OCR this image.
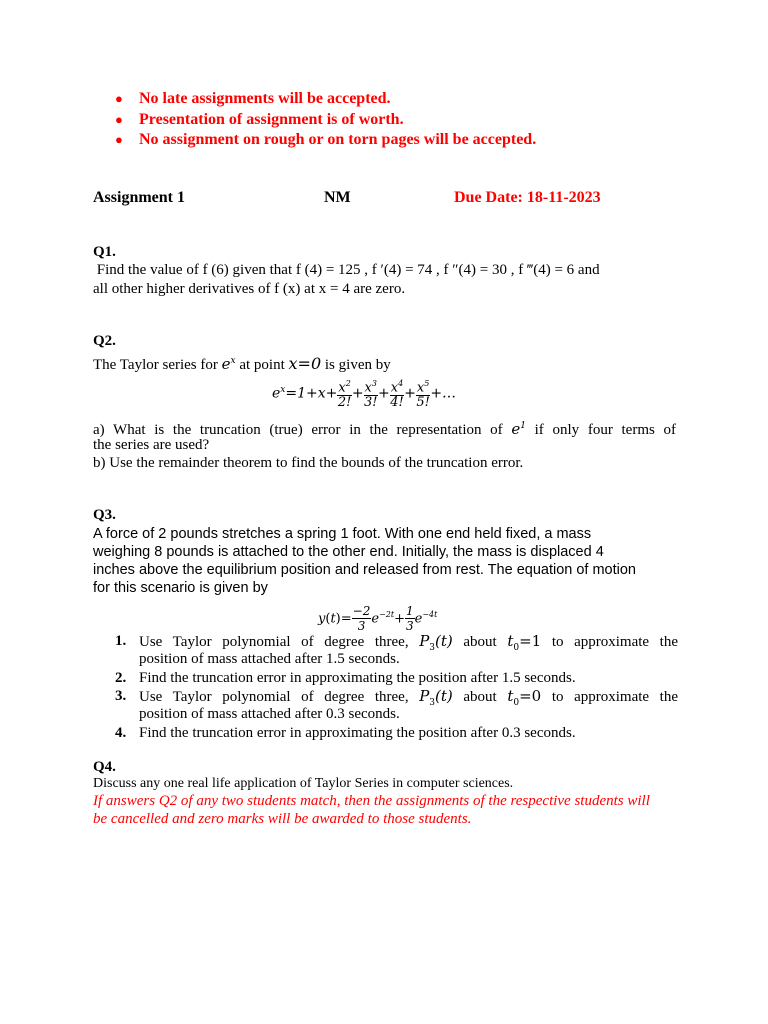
● No late assignments will be accepted.
● Presentation of assignment is of worth.
● No assignment on rough or on torn pages will be accepted.
Assignment 1	NM	Due Date: 18-11-2023
Q1.
Find the value of f (6) given that f (4) = 125 , f ′(4) = 74 , f ″(4) = 30 , f ‴(4) = 6 and
all other higher derivatives of f (x) at x = 4 are zero.
Q2.
The Taylor series for $e^x$ at point x=0 is given by
$e^x=1+x+ \frac{x^2}{2!} + \frac{x^3}{3!} + \frac{x^4}{4!} + \frac{x^5}{5!}$ +…
a) What is the truncation (true) error in the representation of $e^1$ if only four terms of
the series are used?
b) Use the remainder theorem to find the bounds of the truncation error.
Q3.
A force of 2 pounds stretches a spring 1 foot. With one end held fixed, a mass
weighing 8 pounds is attached to the other end. Initially, the mass is displaced 4
inches above the equilibrium position and released from rest. The equation of motion
for this scenario is given by
$y(t)= \frac{-2}{3} e^{-2t}+ \frac{1}{3} e^{-4t}$
1. Use Taylor polynomial of degree three, $P_3(t)$ about $t_0=1$ to approximate the
position of mass attached after 1.5 seconds.
2. Find the truncation error in approximating the position after 1.5 seconds.
3. Use Taylor polynomial of degree three, $P_3(t)$ about $t_0=0$ to approximate the
position of mass attached after 0.3 seconds.
4. Find the truncation error in approximating the position after 0.3 seconds.
Q4.
Discuss any one real life application of Taylor Series in computer sciences.
If answers Q2 of any two students match, then the assignments of the respective students will
be cancelled and zero marks will be awarded to those students.
